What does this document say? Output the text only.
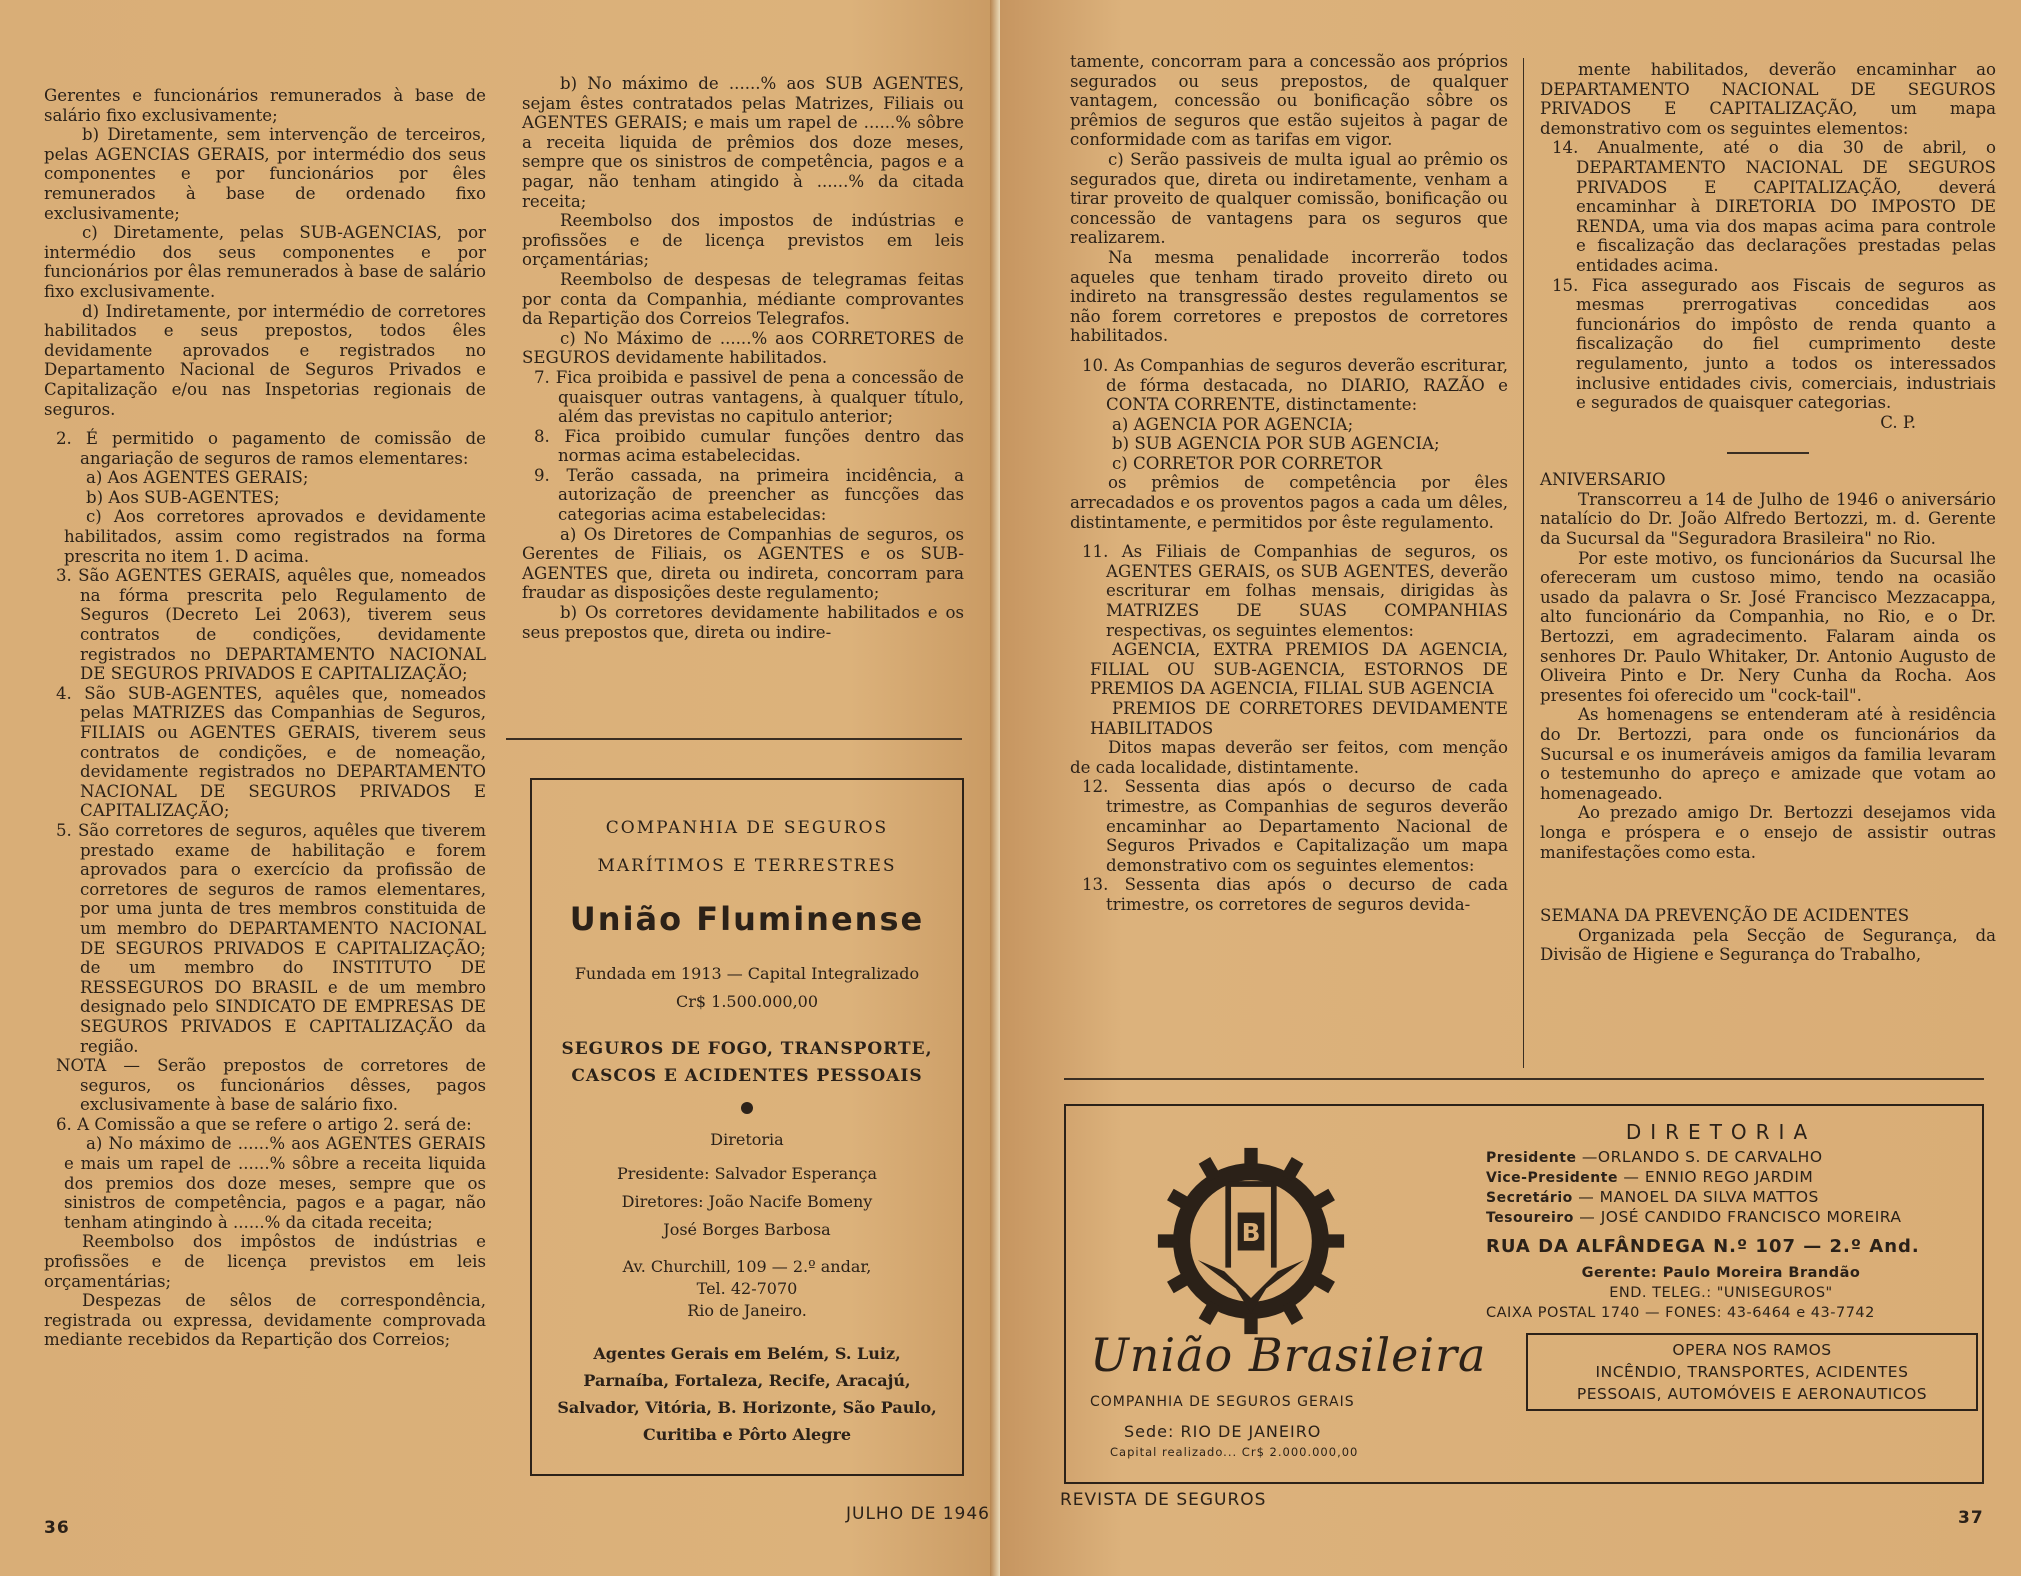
Gerentes e funcionários remunerados à base de salário fixo exclusivamente;

b) Diretamente, sem intervenção de terceiros, pelas AGENCIAS GERAIS, por intermédio dos seus componentes e por funcionários por êles remunerados à base de ordenado fixo exclusivamente;

c) Diretamente, pelas SUB-AGENCIAS, por intermédio dos seus componentes e por funcionários por êlas remunerados à base de salário fixo exclusivamente.

d) Indiretamente, por intermédio de corretores habilitados e seus prepostos, todos êles devidamente aprovados e registrados no Departamento Nacional de Seguros Privados e Capitalização e/ou nas Inspetorias regionais de seguros.

2. É permitido o pagamento de comissão de angariação de seguros de ramos elementares:

a) Aos AGENTES GERAIS;

b) Aos SUB-AGENTES;

c) Aos corretores aprovados e devidamente habilitados, assim como registrados na forma prescrita no item 1. D acima.

3. São AGENTES GERAIS, aquêles que, nomeados na fórma prescrita pelo Regulamento de Seguros (Decreto Lei 2063), tiverem seus contratos de condições, devidamente registrados no DEPARTAMENTO NACIONAL DE SEGUROS PRIVADOS E CAPITALIZAÇÃO;

4. São SUB-AGENTES, aquêles que, nomeados pelas MATRIZES das Companhias de Seguros, FILIAIS ou AGENTES GERAIS, tiverem seus contratos de condições, e de nomeação, devidamente registrados no DEPARTAMENTO NACIONAL DE SEGUROS PRIVADOS E CAPITALIZAÇÃO;

5. São corretores de seguros, aquêles que tiverem prestado exame de habilitação e forem aprovados para o exercício da profissão de corretores de seguros de ramos elementares, por uma junta de tres membros constituida de um membro do DEPARTAMENTO NACIONAL DE SEGUROS PRIVADOS E CAPITALIZAÇÃO; de um membro do INSTITUTO DE RESSEGUROS DO BRASIL e de um membro designado pelo SINDICATO DE EMPRESAS DE SEGUROS PRIVADOS E CAPITALIZAÇÃO da região.

NOTA — Serão prepostos de corretores de seguros, os funcionários dêsses, pagos exclusivamente à base de salário fixo.

6. A Comissão a que se refere o artigo 2. será de:

a) No máximo de ......% aos AGENTES GERAIS e mais um rapel de ......% sôbre a receita liquida dos premios dos doze meses, sempre que os sinistros de competência, pagos e a pagar, não tenham atingindo à ......% da citada receita;

Reembolso dos impôstos de indústrias e profissões e de licença previstos em leis orçamentárias;

Despezas de sêlos de correspondência, registrada ou expressa, devidamente comprovada mediante recebidos da Repartição dos Correios;

b) No máximo de ......% aos SUB AGENTES, sejam êstes contratados pelas Matrizes, Filiais ou AGENTES GERAIS; e mais um rapel de ......% sôbre a receita liquida de prêmios dos doze meses, sempre que os sinistros de competência, pagos e a pagar, não tenham atingido à ......% da citada receita;

Reembolso dos impostos de indústrias e profissões e de licença previstos em leis orçamentárias;

Reembolso de despesas de telegramas feitas por conta da Companhia, médiante comprovantes da Repartição dos Correios Telegrafos.

c) No Máximo de ......% aos CORRETORES de SEGUROS devidamente habilitados.

7. Fica proibida e passivel de pena a concessão de quaisquer outras vantagens, à qualquer título, além das previstas no capitulo anterior;

8. Fica proibido cumular funções dentro das normas acima estabelecidas.

9. Terão cassada, na primeira incidência, a autorização de preencher as funcções das categorias acima estabelecidas:

a) Os Diretores de Companhias de seguros, os Gerentes de Filiais, os AGENTES e os SUB-AGENTES que, direta ou indireta, concorram para fraudar as disposições deste regulamento;

b) Os corretores devidamente habilitados e os seus prepostos que, direta ou indire-

COMPANHIA DE SEGUROS
MARÍTIMOS E TERRESTRES
União Fluminense
Fundada em 1913 — Capital Integralizado
Cr$ 1.500.000,00
SEGUROS DE FOGO, TRANSPORTE, CASCOS E ACIDENTES PESSOAIS
Diretoria
Presidente: Salvador Esperança
Diretores: João Nacife Bomeny
José Borges Barbosa
Av. Churchill, 109 — 2.º andar,
Tel. 42-7070
Rio de Janeiro.
Agentes Gerais em Belém, S. Luiz, Parnaíba, Fortaleza, Recife, Aracajú, Salvador, Vitória, B. Horizonte, São Paulo, Curitiba e Pôrto Alegre
36
JULHO DE 1946

tamente, concorram para a concessão aos próprios segurados ou seus prepostos, de qualquer vantagem, concessão ou bonificação sôbre os prêmios de seguros que estão sujeitos à pagar de conformidade com as tarifas em vigor.

c) Serão passiveis de multa igual ao prêmio os segurados que, direta ou indiretamente, venham a tirar proveito de qualquer comissão, bonificação ou concessão de vantagens para os seguros que realizarem.

Na mesma penalidade incorrerão todos aqueles que tenham tirado proveito direto ou indireto na transgressão destes regulamentos se não forem corretores e prepostos de corretores habilitados.

10. As Companhias de seguros deverão escriturar, de fórma destacada, no DIARIO, RAZÃO e CONTA CORRENTE, distinctamente:

a) AGENCIA POR AGENCIA;

b) SUB AGENCIA POR SUB AGENCIA;

c) CORRETOR POR CORRETOR

os prêmios de competência por êles arrecadados e os proventos pagos a cada um dêles, distintamente, e permitidos por êste regulamento.

11. As Filiais de Companhias de seguros, os AGENTES GERAIS, os SUB AGENTES, deverão escriturar em folhas mensais, dirigidas às MATRIZES DE SUAS COMPANHIAS respectivas, os seguintes elementos:

AGENCIA, EXTRA PREMIOS DA AGENCIA, FILIAL OU SUB-AGENCIA, ESTORNOS DE PREMIOS DA AGENCIA, FILIAL SUB AGENCIA

PREMIOS DE CORRETORES DEVIDAMENTE HABILITADOS

Ditos mapas deverão ser feitos, com menção de cada localidade, distintamente.

12. Sessenta dias após o decurso de cada trimestre, as Companhias de seguros deverão encaminhar ao Departamento Nacional de Seguros Privados e Capitalização um mapa demonstrativo com os seguintes elementos:

13. Sessenta dias após o decurso de cada trimestre, os corretores de seguros devida-

mente habilitados, deverão encaminhar ao DEPARTAMENTO NACIONAL DE SEGUROS PRIVADOS E CAPITALIZAÇÃO, um mapa demonstrativo com os seguintes elementos:

14. Anualmente, até o dia 30 de abril, o DEPARTAMENTO NACIONAL DE SEGUROS PRIVADOS E CAPITALIZAÇÃO, deverá encaminhar à DIRETORIA DO IMPOSTO DE RENDA, uma via dos mapas acima para controle e fiscalização das declarações prestadas pelas entidades acima.

15. Fica assegurado aos Fiscais de seguros as mesmas prerrogativas concedidas aos funcionários do impôsto de renda quanto a fiscalização do fiel cumprimento deste regulamento, junto a todos os interessados inclusive entidades civis, comerciais, industriais e segurados de quaisquer categorias.

C. P.

ANIVERSARIO

Transcorreu a 14 de Julho de 1946 o aniversário natalício do Dr. João Alfredo Bertozzi, m. d. Gerente da Sucursal da "Seguradora Brasileira" no Rio.

Por este motivo, os funcionários da Sucursal lhe ofereceram um custoso mimo, tendo na ocasião usado da palavra o Sr. José Francisco Mezzacappa, alto funcionário da Companhia, no Rio, e o Dr. Bertozzi, em agradecimento. Falaram ainda os senhores Dr. Paulo Whitaker, Dr. Antonio Augusto de Oliveira Pinto e Dr. Nery Cunha da Rocha. Aos presentes foi oferecido um "cock-tail".

As homenagens se entenderam até à residência do Dr. Bertozzi, para onde os funcionários da Sucursal e os inumeráveis amigos da familia levaram o testemunho do apreço e amizade que votam ao homenageado.

Ao prezado amigo Dr. Bertozzi desejamos vida longa e próspera e o ensejo de assistir outras manifestações como esta.

SEMANA DA PREVENÇÃO DE ACIDENTES

Organizada pela Secção de Segurança, da Divisão de Higiene e Segurança do Trabalho,

B
União Brasileira
COMPANHIA DE SEGUROS GERAIS
Sede: RIO DE JANEIRO
Capital realizado... Cr$ 2.000.000,00
DIRETORIA
Presidente —ORLANDO S. DE CARVALHO
Vice-Presidente — ENNIO REGO JARDIM
Secretário — MANOEL DA SILVA MATTOS
Tesoureiro — JOSÉ CANDIDO FRANCISCO MOREIRA
RUA DA ALFÂNDEGA N.º 107 — 2.º And.
Gerente: Paulo Moreira Brandão
END. TELEG.: "UNISEGUROS"
CAIXA POSTAL 1740 — FONES: 43-6464 e 43-7742
OPERA NOS RAMOS
INCÊNDIO, TRANSPORTES, ACIDENTES
PESSOAIS, AUTOMÓVEIS E AERONAUTICOS
REVISTA DE SEGUROS
37
